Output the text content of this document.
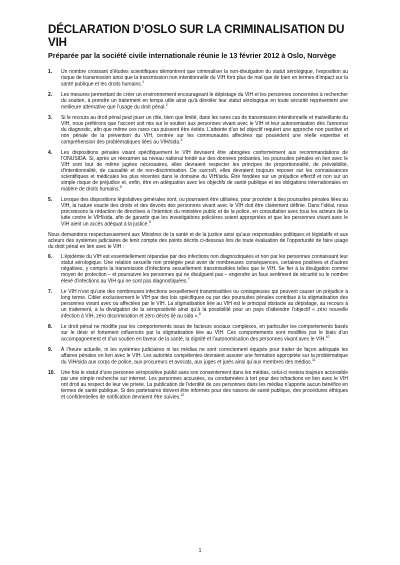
DÉCLARATION D’OSLO SUR LA CRIMINALISATION DU VIH
Préparée par la société civile internationale réunie le 13 février 2012 à Oslo, Norvège
1.	Un nombre croissant d’études scientifiques démontrent que criminaliser la non-divulgation du statut sérologique, l’exposition au risque de transmission ainsi que la transmission non intentionnelle du VIH font plus de mal que de bien en termes d’impact sur la santé publique et les droits humains.$^1$
2.	Les mesures permettant de créer un environnement encourageant le dépistage du VIH et les personnes concernées à rechercher du soutien, à prendre un traitement en temps utile ainsi qu’à dévoiler leur statut sérologique en toute sécurité représentent une meilleure alternative que l’usage du droit pénal.$^2$
3.	Si le recours au droit pénal peut jouer un rôle, bien que limité, dans les rares cas de transmission intentionnelle et malveillante du VIH, nous préférons que l’accent soit mis sur le soutien aux personnes vivant avec le VIH et leur autonomisation dès l’annonce du diagnostic, afin que même ces rares cas puissent être évités. L’atteinte d’un tel objectif requiert une approche non punitive et non pénale de la prévention du VIH, centrée sur les communautés affectées qui possèdent une réelle expertise et compréhension des problématiques liées au VIH/sida.$^3$
4.	Les dispositions pénales visant spécifiquement le VIH devraient être abrogées conformément aux recommandations de l’ONUSIDA. Si, après un réexamen au niveau national fondé sur des données probantes, les poursuites pénales en lien avec le VIH sont tout de même jugées nécessaires, elles devraient respecter les principes de proportionnalité, de prévisibilité, d’intentionnalité, de causalité et de non-discrimination. De surcroît, elles devraient toujours reposer sur les connaissances scientifiques et médicales les plus récentes dans le domaine du VIH/sida. Être fondées sur un préjudice effectif et non sur un simple risque de préjudice et, enfin, être en adéquation avec les objectifs de santé publique et les obligations internationales en matière de droits humains.$^5$
5.	Lorsque des dispositions législatives générales sont, ou pourraient être utilisées, pour procéder à des poursuites pénales liées au VIH, la nature exacte des droits et des devoirs des personnes vivant avec le VIH doit être clairement définie. Dans l’idéal, nous préconisons la rédaction de directives à l’intention du ministère public et de la police, en consultation avec tous les acteurs de la lutte contre le VIH/sida, afin de garantir que les investigations policières soient appropriées et que les personnes vivant avec le VIH aient un accès adéquat à la justice.$^6$

Nous demandons respectueusement aux Ministres de la santé et de la justice ainsi qu’aux responsables politiques et législatifs et aux acteurs des systèmes judiciaires de tenir compte des points décrits ci-dessous lors de toute évaluation de l’opportunité de faire usage du droit pénal en lien avec le VIH :

6.	L’épidémie du VIH est essentiellement répandue par des infections non diagnostiquées et non par les personnes connaissant leur statut sérologique. Une relation sexuelle non protégée peut avoir de nombreuses conséquences, certaines positives et d’autres négatives, y compris la transmission d’infections sexuellement transmissibles telles que le VIH. Se fier à la divulgation comme moyen de protection – et poursuivre les personnes qui ne divulguent pas – engendre un faux sentiment de sécurité vu le nombre élevé d’infections au VIH qui ne sont pas diagnostiquées.$^7$
7.	Le VIH n’est qu’une des nombreuses infections sexuellement transmissibles ou contagieuses qui peuvent causer un préjudice à long terme. Cibler exclusivement le VIH par des lois spécifiques ou par des poursuites pénales contribue à la stigmatisation des personnes vivant avec ou affectées par le VIH. La stigmatisation liée au VIH est le principal obstacle au dépistage, au recours à un traitement, à la divulgation de la séropositivité ainsi qu’à la possibilité pour un pays d’atteindre l’objectif « zéro nouvelle infection à VIH, zéro discrimination et zéro décès lié au sida ».$^8$
8.	Le droit pénal ne modifie pas les comportements issus de facteurs sociaux complexes, en particulier les comportements basés sur le désir et fortement influencés par la stigmatisation liée au VIH. Ces comportements sont modifiés par le biais d’un accompagnement et d’un soutien en faveur de la santé, la dignité et l’autonomisation des personnes vivant avec le VIH.$^{10}$
9.	À l’heure actuelle, ni les systèmes judiciaires ni les médias ne sont correctement équipés pour traiter de façon adéquate les affaires pénales en lien avec le VIH. Les autorités compétentes devraient assurer une formation appropriée sur la problématique du VIH/sida aux corps de police, aux procureurs et avocats, aux juges et jurés ainsi qu’aux membres des médias.$^{11}$
10.	Une fois le statut d’une personne séropositive publié sans son consentement dans les médias, celui-ci restera toujours accessible par une simple recherche sur internet. Les personnes accusées, ou condamnées à tort pour des infractions en lien avec le VIH ont droit au respect de leur vie privée. La publication de l’identité de ces personnes dans les médias n’apporte aucun bénéfice en termes de santé publique. Si des partenaires doivent être informés pour des raisons de santé publique, des procédures éthiques et confidentielles de notification devraient être suivies.$^{12}$
1
